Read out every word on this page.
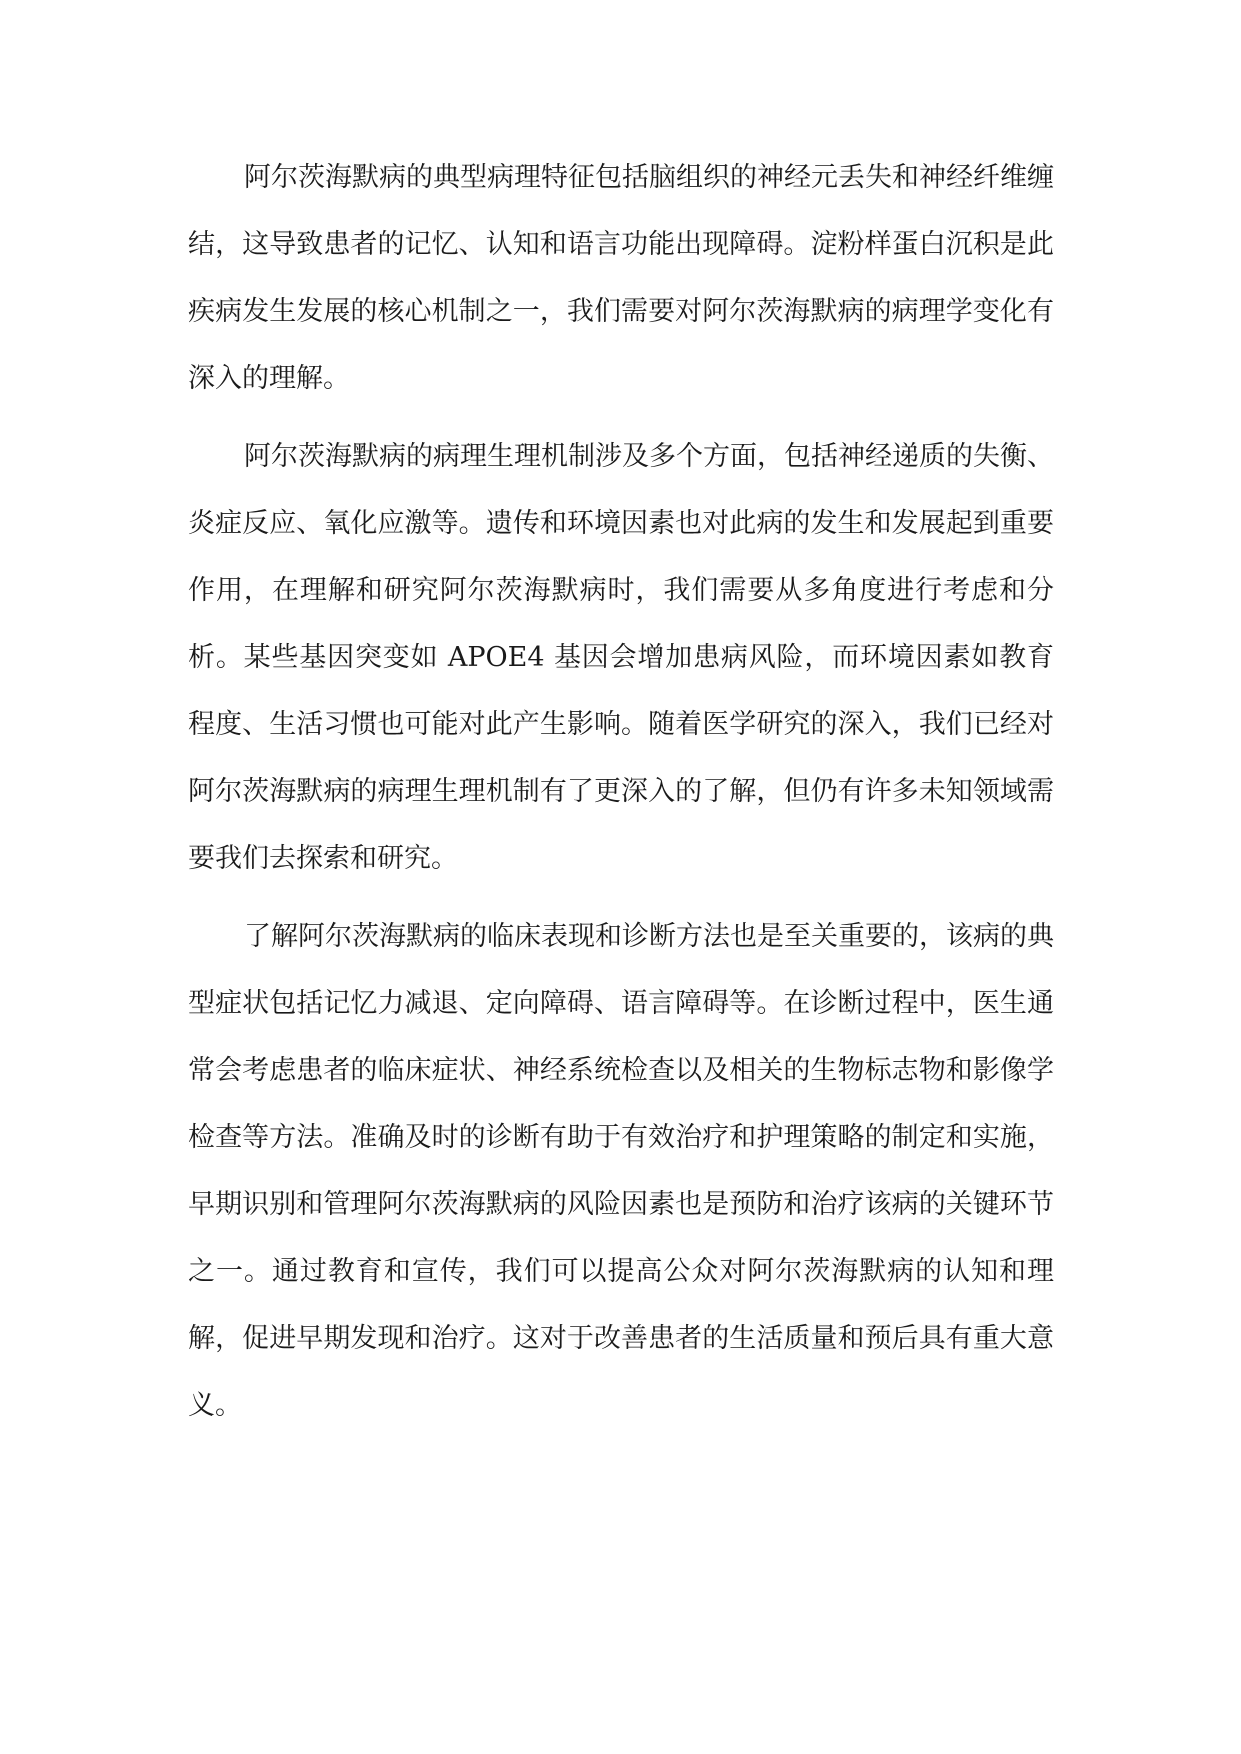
阿尔茨海默病的典型病理特征包括脑组织的神经元丢失和神经纤维缠结，这导致患者的记忆、认知和语言功能出现障碍。淀粉样蛋白沉积是此疾病发生发展的核心机制之一，我们需要对阿尔茨海默病的病理学变化有深入的理解。

阿尔茨海默病的病理生理机制涉及多个方面，包括神经递质的失衡、炎症反应、氧化应激等。遗传和环境因素也对此病的发生和发展起到重要作用，在理解和研究阿尔茨海默病时，我们需要从多角度进行考虑和分析。某些基因突变如 APOE4 基因会增加患病风险，而环境因素如教育程度、生活习惯也可能对此产生影响。随着医学研究的深入，我们已经对阿尔茨海默病的病理生理机制有了更深入的了解，但仍有许多未知领域需要我们去探索和研究。

了解阿尔茨海默病的临床表现和诊断方法也是至关重要的，该病的典型症状包括记忆力减退、定向障碍、语言障碍等。在诊断过程中，医生通常会考虑患者的临床症状、神经系统检查以及相关的生物标志物和影像学检查等方法。准确及时的诊断有助于有效治疗和护理策略的制定和实施，早期识别和管理阿尔茨海默病的风险因素也是预防和治疗该病的关键环节之一。通过教育和宣传，我们可以提高公众对阿尔茨海默病的认知和理解，促进早期发现和治疗。这对于改善患者的生活质量和预后具有重大意义。
